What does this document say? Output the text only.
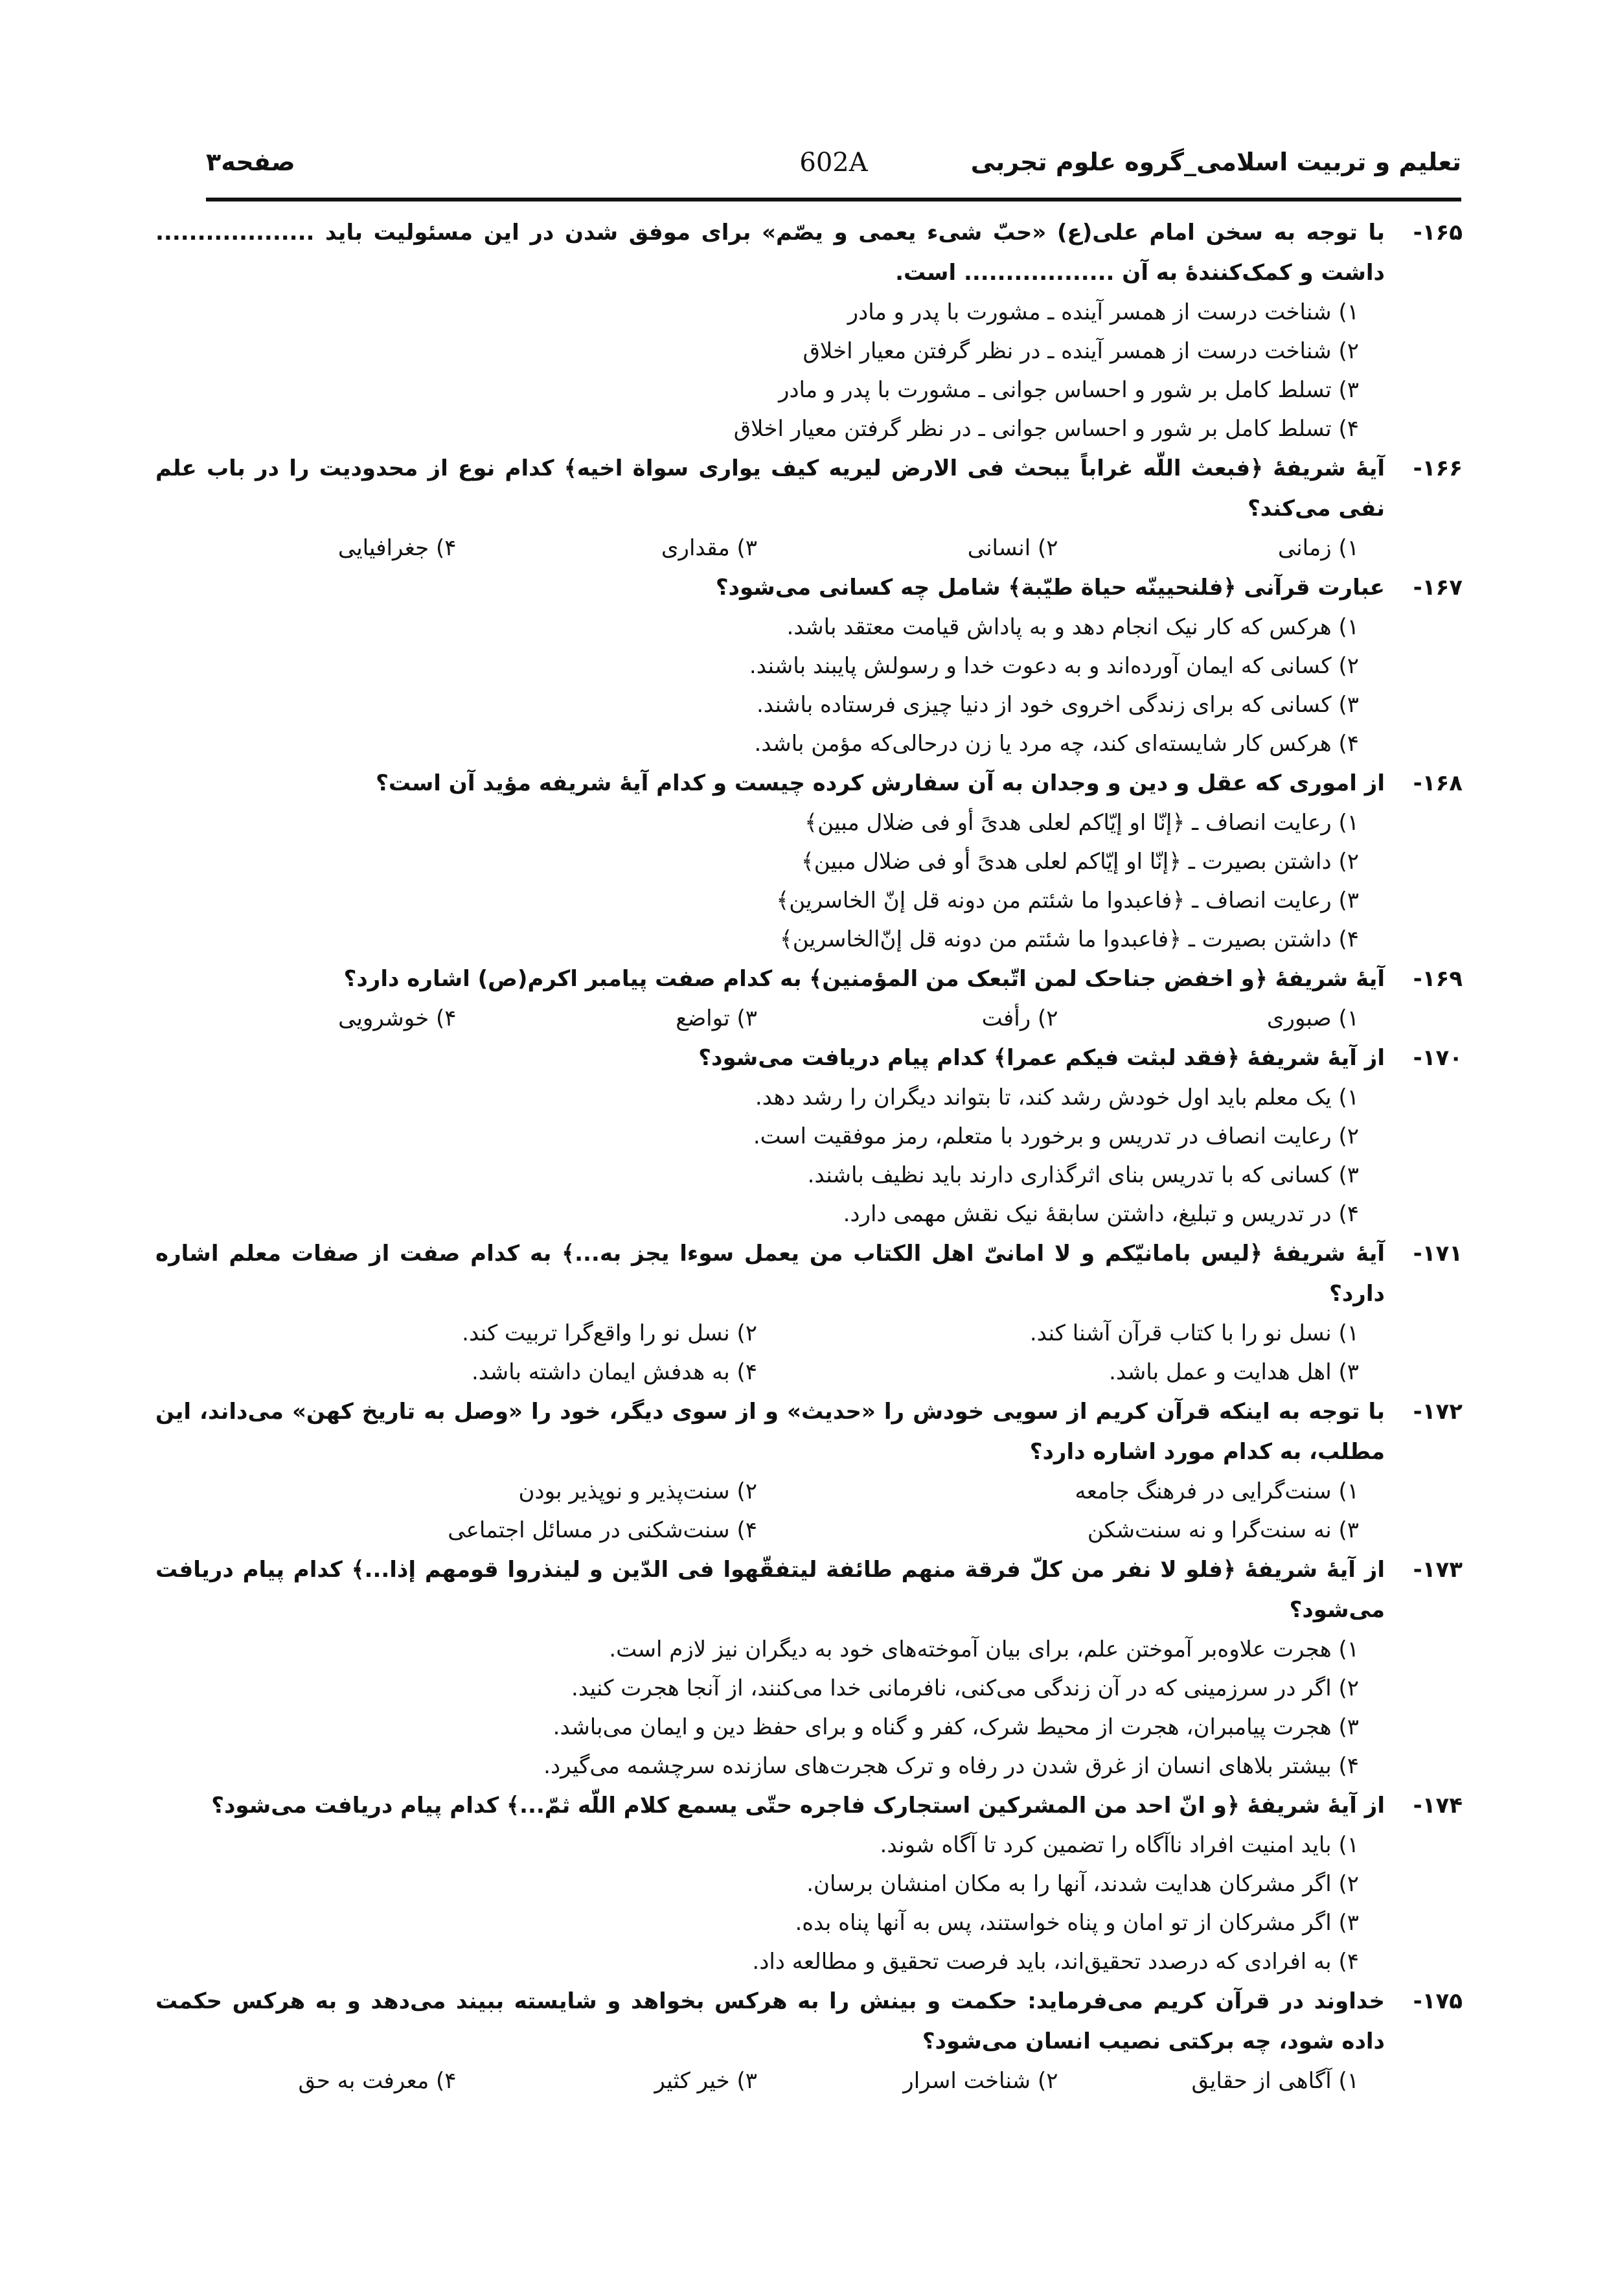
تعلیم و تربیت اسلامی_گروه علوم تجربی
602A
صفحه۳
۱۶۵-
با توجه به سخن امام علی(ع) «حبّ شیء یعمی و یصّم» برای موفق شدن در این مسئولیت باید ................... داشت و کمک‌کنندهٔ به آن .................. است.
۱) شناخت درست از همسر آینده ـ مشورت با پدر و مادر
۲) شناخت درست از همسر آینده ـ در نظر گرفتن معیار اخلاق
۳) تسلط کامل بر شور و احساس جوانی ـ مشورت با پدر و مادر
۴) تسلط کامل بر شور و احساس جوانی ـ در نظر گرفتن معیار اخلاق
۱۶۶-
آیهٔ شریفهٔ ﴿فبعث اللّه غراباً یبحث فی الارض لیریه کیف یواری سواة اخیه﴾ کدام نوع از محدودیت را در باب علم نفی می‌کند؟
۱) زمانی
۲) انسانی
۳) مقداری
۴) جغرافیایی
۱۶۷-
عبارت قرآنی ﴿فلنحیینّه حیاة طیّبة﴾ شامل چه کسانی می‌شود؟
۱) هرکس که کار نیک انجام دهد و به پاداش قیامت معتقد باشد.
۲) کسانی که ایمان آورده‌اند و به دعوت خدا و رسولش پایبند باشند.
۳) کسانی که برای زندگی اخروی خود از دنیا چیزی فرستاده باشند.
۴) هرکس کار شایسته‌ای کند، چه مرد یا زن درحالی‌که مؤمن باشد.
۱۶۸-
از اموری که عقل و دین و وجدان به آن سفارش کرده چیست و کدام آیهٔ شریفه مؤید آن است؟
۱) رعایت انصاف ـ ﴿إنّا او إیّاکم لعلی هدیً أو فی ضلال مبین﴾
۲) داشتن بصیرت ـ ﴿إنّا او إیّاکم لعلی هدیً أو فی ضلال مبین﴾
۳) رعایت انصاف ـ ﴿فاعبدوا ما شئتم من دونه قل إنّ الخاسرین﴾
۴) داشتن بصیرت ـ ﴿فاعبدوا ما شئتم من دونه قل إنّ‌الخاسرین﴾
۱۶۹-
آیهٔ شریفهٔ ﴿و اخفض جناحک لمن اتّبعک من المؤمنین﴾ به کدام صفت پیامبر اکرم(ص) اشاره دارد؟
۱) صبوری
۲) رأفت
۳) تواضع
۴) خوشرویی
۱۷۰-
از آیهٔ شریفهٔ ﴿فقد لبثت فیکم عمرا﴾ کدام پیام دریافت می‌شود؟
۱) یک معلم باید اول خودش رشد کند، تا بتواند دیگران را رشد دهد.
۲) رعایت انصاف در تدریس و برخورد با متعلم، رمز موفقیت است.
۳) کسانی که با تدریس بنای اثرگذاری دارند باید نظیف باشند.
۴) در تدریس و تبلیغ، داشتن سابقهٔ نیک نقش مهمی دارد.
۱۷۱-
آیهٔ شریفهٔ ﴿لیس بامانیّکم و لا امانیّ اهل الکتاب من یعمل سوءا یجز به...﴾ به کدام صفت از صفات معلم اشاره دارد؟
۱) نسل نو را با کتاب قرآن آشنا کند.
۲) نسل نو را واقع‌گرا تربیت کند.
۳) اهل هدایت و عمل باشد.
۴) به هدفش ایمان داشته باشد.
۱۷۲-
با توجه به اینکه قرآن کریم از سویی خودش را «حدیث» و از سوی دیگر، خود را «وصل به تاریخ کهن» می‌داند، این مطلب، به کدام مورد اشاره دارد؟
۱) سنت‌گرایی در فرهنگ جامعه
۲) سنت‌پذیر و نوپذیر بودن
۳) نه سنت‌گرا و نه سنت‌شکن
۴) سنت‌شکنی در مسائل اجتماعی
۱۷۳-
از آیهٔ شریفهٔ ﴿فلو لا نفر من کلّ فرقة منهم طائفة لیتفقّهوا فی الدّین و لینذروا قومهم إذا...﴾ کدام پیام دریافت می‌شود؟
۱) هجرت علاوه‌بر آموختن علم، برای بیان آموخته‌های خود به دیگران نیز لازم است.
۲) اگر در سرزمینی که در آن زندگی می‌کنی، نافرمانی خدا می‌کنند، از آنجا هجرت کنید.
۳) هجرت پیامبران، هجرت از محیط شرک، کفر و گناه و برای حفظ دین و ایمان می‌باشد.
۴) بیشتر بلاهای انسان از غرق شدن در رفاه و ترک هجرت‌های سازنده سرچشمه می‌گیرد.
۱۷۴-
از آیهٔ شریفهٔ ﴿و انّ احد من المشرکین استجارک فاجره حتّی یسمع کلام اللّه ثمّ...﴾ کدام پیام دریافت می‌شود؟
۱) باید امنیت افراد ناآگاه را تضمین کرد تا آگاه شوند.
۲) اگر مشرکان هدایت شدند، آنها را به مکان امنشان برسان.
۳) اگر مشرکان از تو امان و پناه خواستند، پس به آنها پناه بده.
۴) به افرادی که درصدد تحقیق‌اند، باید فرصت تحقیق و مطالعه داد.
۱۷۵-
خداوند در قرآن کریم می‌فرماید: حکمت و بینش را به هرکس بخواهد و شایسته ببیند می‌دهد و به هرکس حکمت داده شود، چه برکتی نصیب انسان می‌شود؟
۱) آگاهی از حقایق
۲) شناخت اسرار
۳) خیر کثیر
۴) معرفت به حق
